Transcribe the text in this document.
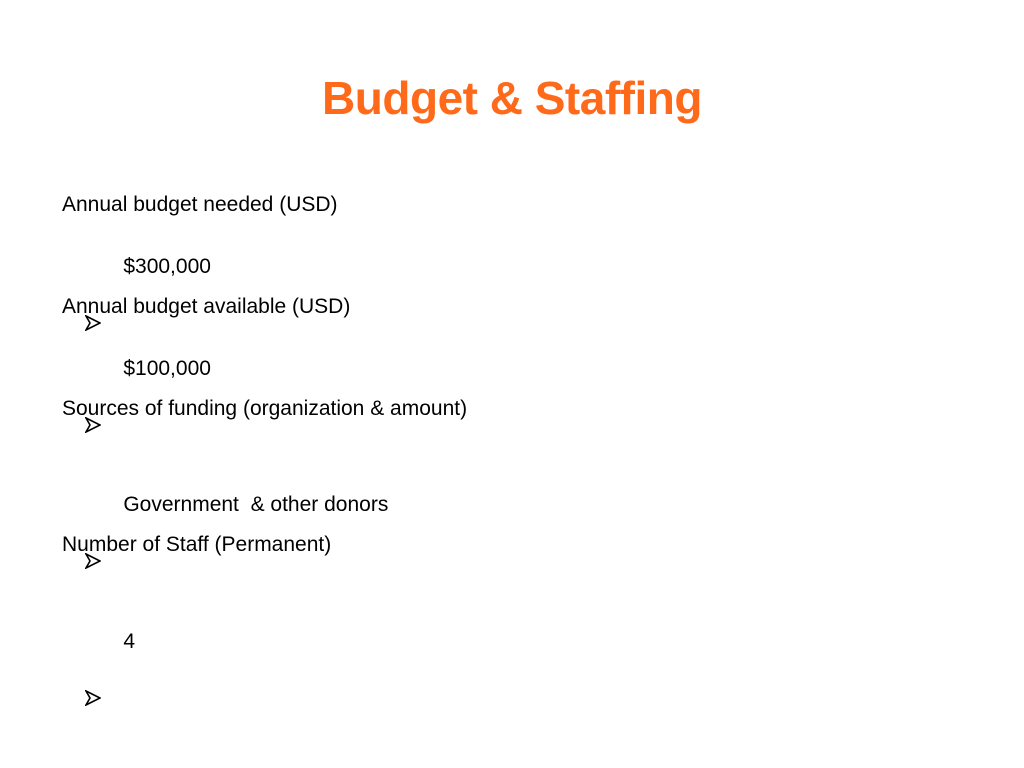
Budget & Staffing
Annual budget needed (USD)

$300,000

Annual budget available (USD)

$100,000

Sources of funding (organization & amount)

Government  & other donors

Number of Staff (Permanent)

4
